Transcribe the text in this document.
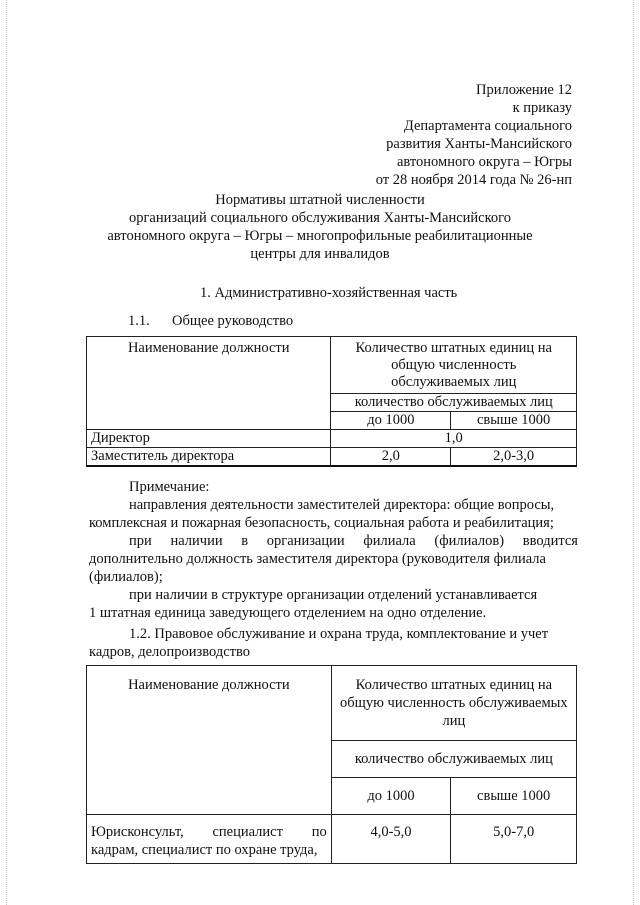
Приложение 12
к приказу
Департамента социального
развития Ханты-Мансийского
автономного округа – Югры
от 28 ноября 2014 года № 26-нп
Нормативы штатной численности
организаций социального обслуживания Ханты-Мансийского
автономного округа – Югры – многопрофильные реабилитационные
центры для инвалидов
1. Административно-хозяйственная часть
1.1. Общее руководство
Наименование должности	Количество штатных единиц на
общую численность
обслуживаемых лиц	

	количество обслуживаемых лиц	
	до 1000	свыше 1000
Директор	1,0	
Заместитель директора	2,0	2,0-3,0
Примечание:
направления деятельности заместителей директора: общие вопросы,
комплексная и пожарная безопасность, социальная работа и реабилитация;
при наличии в организации филиала (филиалов) вводится
дополнительно должность заместителя директора (руководителя филиала
(филиалов);
при наличии в структуре организации отделений устанавливается
1 штатная единица заведующего отделением на одно отделение.
1.2. Правовое обслуживание и охрана труда, комплектование и учет
кадров, делопроизводство
Наименование должности	Количество штатных единиц на
общую численность обслуживаемых
лиц	

	количество обслуживаемых лиц	
	до 1000	свыше 1000

Юрисконсульт, специалист по
кадрам, специалист по охране труда,	4,0-5,0	5,0-7,0
